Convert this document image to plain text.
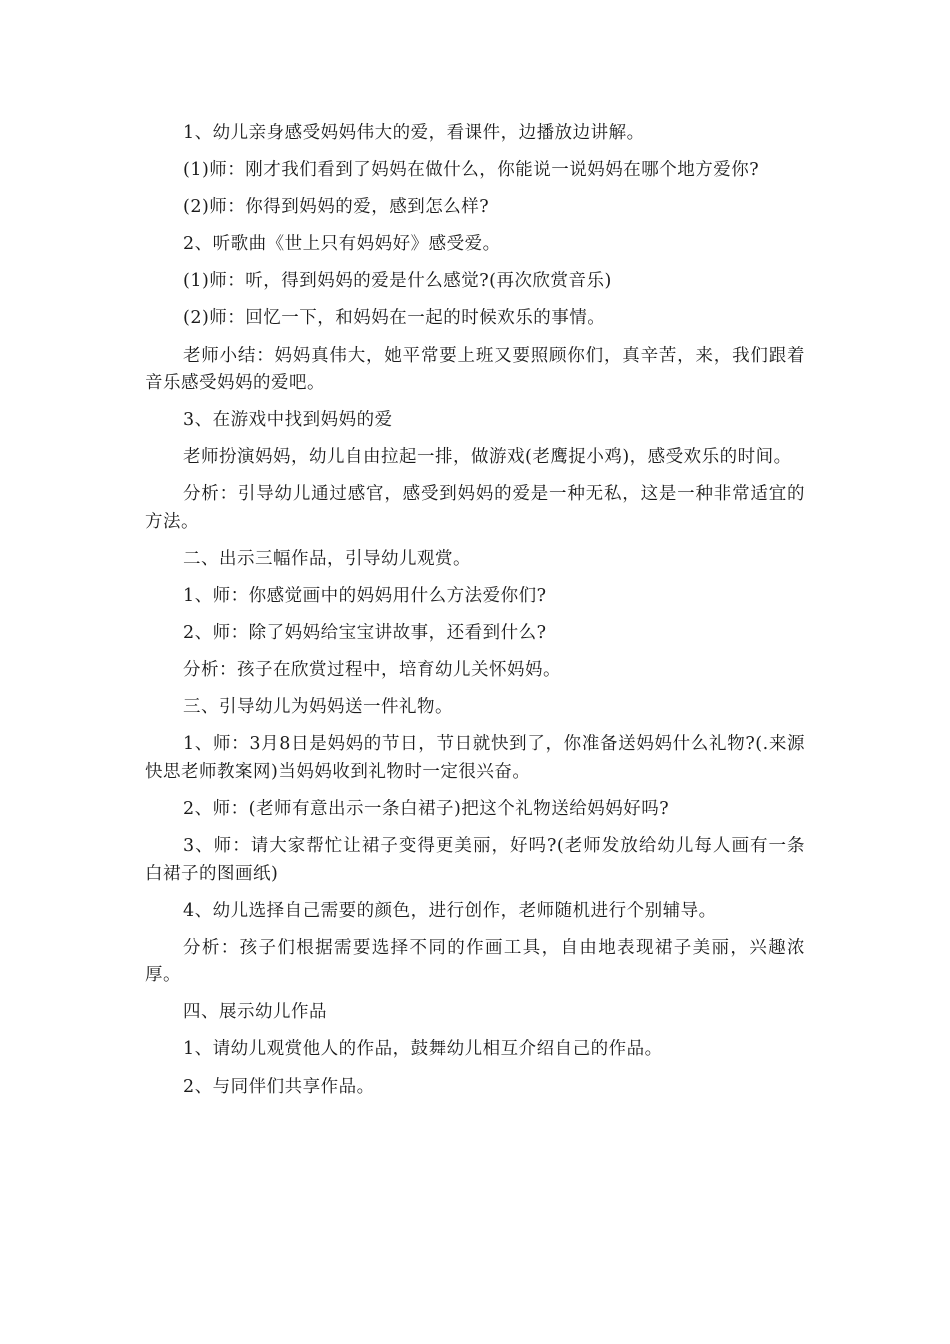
1、幼儿亲身感受妈妈伟大的爱，看课件，边播放边讲解。

(1)师：刚才我们看到了妈妈在做什么，你能说一说妈妈在哪个地方爱你?

(2)师：你得到妈妈的爱，感到怎么样?

2、听歌曲《世上只有妈妈好》感受爱。

(1)师：听，得到妈妈的爱是什么感觉?(再次欣赏音乐)

(2)师：回忆一下，和妈妈在一起的时候欢乐的事情。

老师小结：妈妈真伟大，她平常要上班又要照顾你们，真辛苦，来，我们跟着音乐感受妈妈的爱吧。

3、在游戏中找到妈妈的爱

老师扮演妈妈，幼儿自由拉起一排，做游戏(老鹰捉小鸡)，感受欢乐的时间。

分析：引导幼儿通过感官，感受到妈妈的爱是一种无私，这是一种非常适宜的方法。

二、出示三幅作品，引导幼儿观赏。

1、师：你感觉画中的妈妈用什么方法爱你们?

2、师：除了妈妈给宝宝讲故事，还看到什么?

分析：孩子在欣赏过程中，培育幼儿关怀妈妈。

三、引导幼儿为妈妈送一件礼物。

1、师：3月8日是妈妈的节日，节日就快到了，你准备送妈妈什么礼物?(.来源快思老师教案网)当妈妈收到礼物时一定很兴奋。

2、师：(老师有意出示一条白裙子)把这个礼物送给妈妈好吗?

3、师：请大家帮忙让裙子变得更美丽，好吗?(老师发放给幼儿每人画有一条白裙子的图画纸)

4、幼儿选择自己需要的颜色，进行创作，老师随机进行个别辅导。

分析：孩子们根据需要选择不同的作画工具，自由地表现裙子美丽，兴趣浓厚。

四、展示幼儿作品

1、请幼儿观赏他人的作品，鼓舞幼儿相互介绍自己的作品。

2、与同伴们共享作品。
